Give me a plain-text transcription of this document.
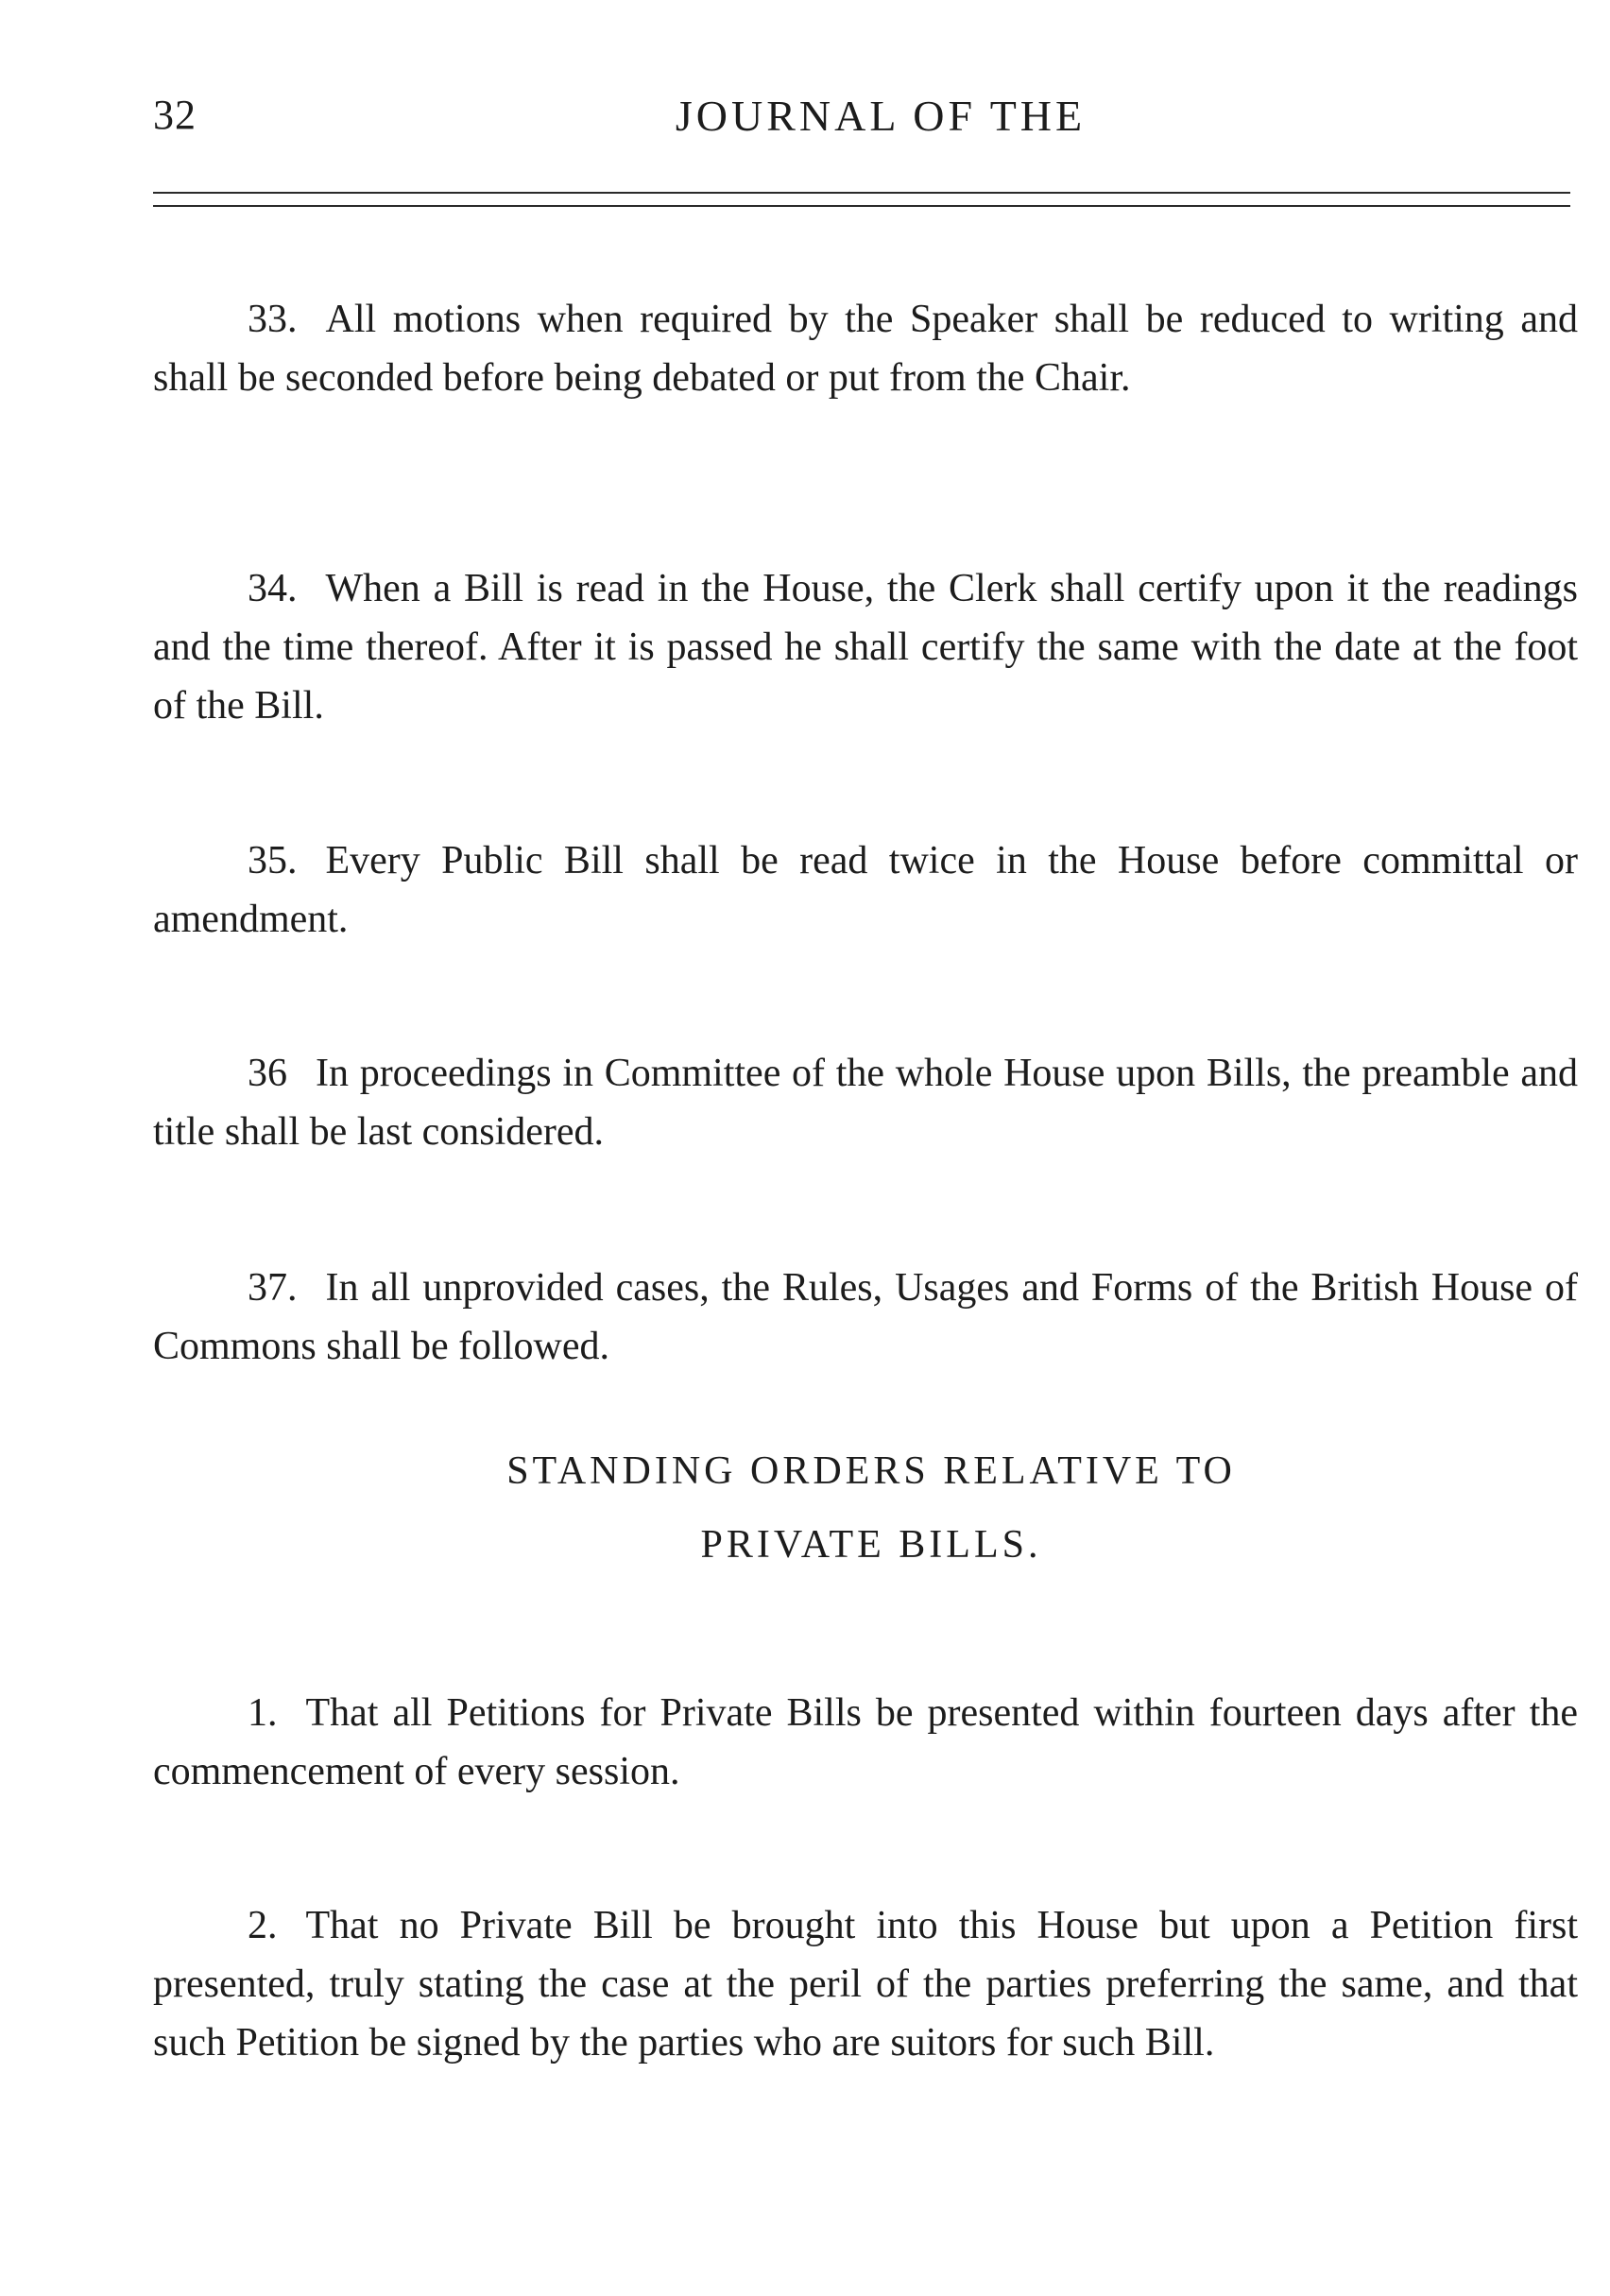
32	JOURNAL OF THE

33. All motions when required by the Speaker shall be reduced to writing and shall be seconded before being debated or put from the Chair.

34. When a Bill is read in the House, the Clerk shall certify upon it the readings and the time thereof. After it is passed he shall certify the same with the date at the foot of the Bill.

35. Every Public Bill shall be read twice in the House before committal or amendment.

36 In proceedings in Committee of the whole House upon Bills, the preamble and title shall be last considered.

37. In all unprovided cases, the Rules, Usages and Forms of the British House of Commons shall be followed.

STANDING ORDERS RELATIVE TO
PRIVATE BILLS.

1. That all Petitions for Private Bills be presented within fourteen days after the commencement of every session.

2. That no Private Bill be brought into this House but upon a Petition first presented, truly stating the case at the peril of the parties preferring the same, and that such Petition be signed by the parties who are suitors for such Bill.
